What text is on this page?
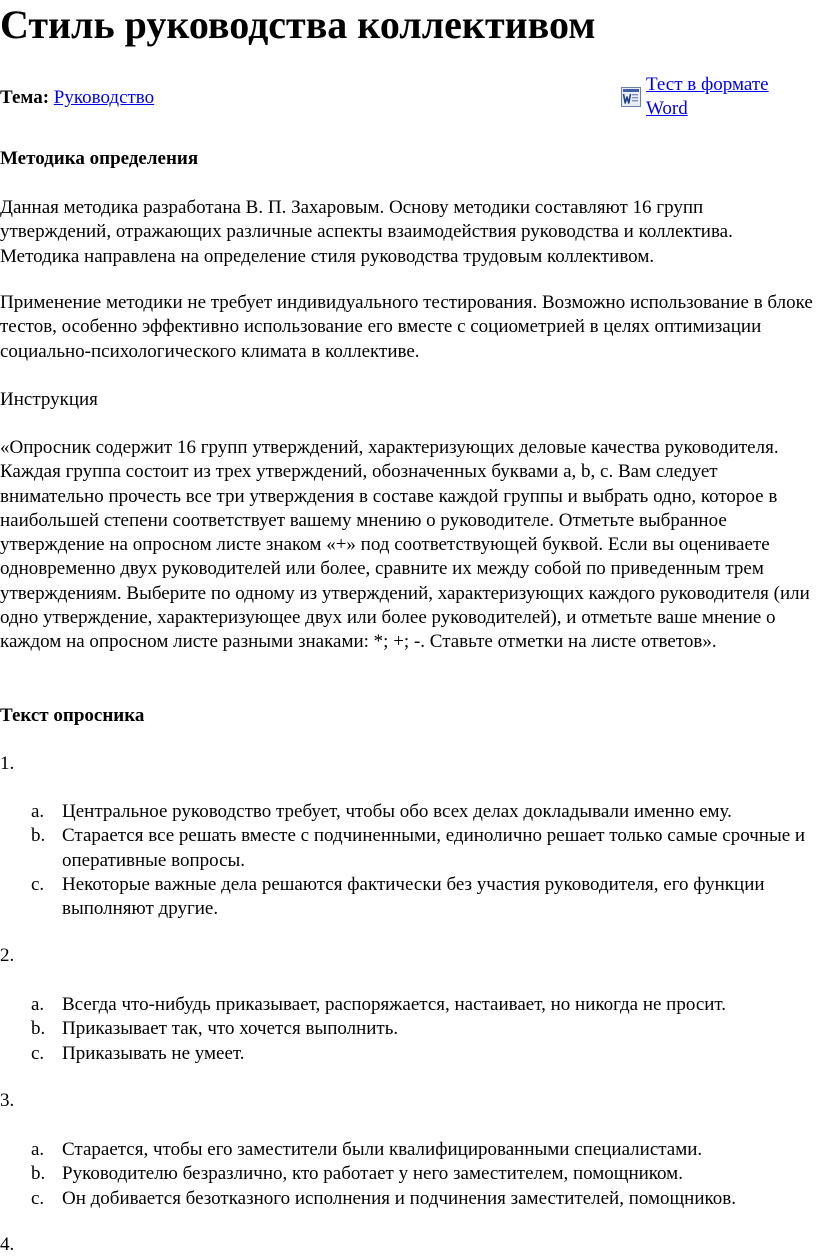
Стиль руководства коллективом
Тема: Руководство
Тест в формате
Word

Методика определения

Данная методика разработана В. П. Захаровым. Основу методики составляют 16 групп утверждений, отражающих различные аспекты взаимодействия руководства и коллектива. Методика направлена на определение стиля руководства трудовым коллективом.

Применение методики не требует индивидуального тестирования. Возможно использование в блоке тестов, особенно эффективно использование его вместе с социометрией в целях оптимизации социально-психологического климата в коллективе.

Инструкция

«Опросник содержит 16 групп утверждений, характеризующих деловые качества руководителя. Каждая группа состоит из трех утверждений, обозначенных буквами а, b, с. Вам следует внимательно прочесть все три утверждения в составе каждой группы и выбрать одно, которое в наибольшей степени соответствует вашему мнению о руководителе. Отметьте выбранное утверждение на опросном листе знаком «+» под соответствующей буквой. Если вы оцениваете одновременно двух руководителей или более, сравните их между собой по приведенным трем утверждениям. Выберите по одному из утверждений, характеризующих каждого руководителя (или одно утверждение, характеризующее двух или более руководителей), и отметьте ваше мнение о каждом на опросном листе разными знаками: *; +; -. Ставьте отметки на листе ответов».

Текст опросника

1.

a. Центральное руководство требует, чтобы обо всех делах докладывали именно ему.
b. Старается все решать вместе с подчиненными, единолично решает только самые срочные и оперативные вопросы.
c. Некоторые важные дела решаются фактически без участия руководителя, его функции выполняют другие.

2.

a. Всегда что-нибудь приказывает, распоряжается, настаивает, но никогда не просит.
b. Приказывает так, что хочется выполнить.
c. Приказывать не умеет.

3.

a. Старается, чтобы его заместители были квалифицированными специалистами.
b. Руководителю безразлично, кто работает у него заместителем, помощником.
c. Он добивается безотказного исполнения и подчинения заместителей, помощников.

4.
